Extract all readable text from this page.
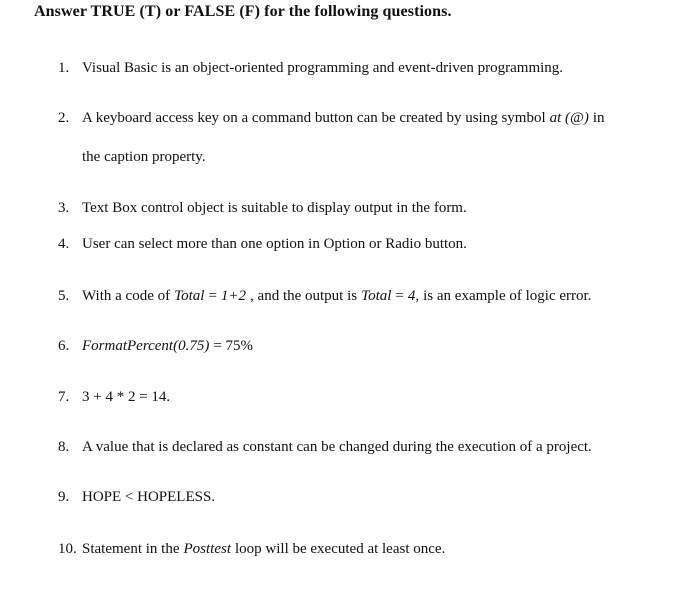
Answer TRUE (T) or FALSE (F) for the following questions.
1. Visual Basic is an object-oriented programming and event-driven programming.
2. A keyboard access key on a command button can be created by using symbol at (@) in
the caption property.
3. Text Box control object is suitable to display output in the form.
4. User can select more than one option in Option or Radio button.
5. With a code of Total = 1+2 , and the output is Total = 4, is an example of logic error.
6. FormatPercent(0.75) = 75%
7. 3 + 4 * 2 = 14.
8. A value that is declared as constant can be changed during the execution of a project.
9. HOPE < HOPELESS.
10. Statement in the Posttest loop will be executed at least once.
